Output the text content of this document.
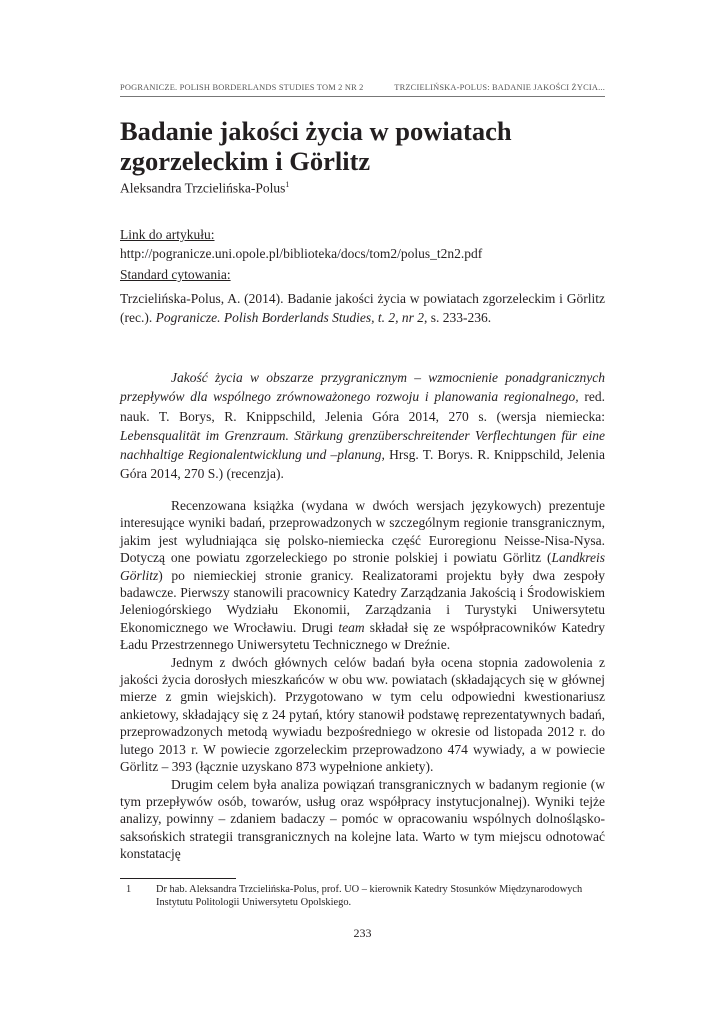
POGRANICZE. POLISH BORDERLANDS STUDIES TOM 2 NR 2	TRZCIELIŃSKA-POLUS: BADANIE JAKOŚCI ŻYCIA...
Badanie jakości życia w powiatach zgorzeleckim i Görlitz
Aleksandra Trzcielińska-Polus$^1$
Link do artykułu:
http://pogranicze.uni.opole.pl/biblioteka/docs/tom2/polus_t2n2.pdf
Standard cytowania:
Trzcielińska-Polus, A. (2014). Badanie jakości życia w powiatach zgorzeleckim i Görlitz (rec.). Pogranicze. Polish Borderlands Studies, t. 2, nr 2, s. 233-236.

Jakość życia w obszarze przygranicznym – wzmocnienie ponadgranicznych przepływów dla wspólnego zrównoważonego rozwoju i planowania regionalnego, red. nauk. T. Borys, R. Knippschild, Jelenia Góra 2014, 270 s. (wersja niemiecka: Lebensqualität im Grenzraum. Stärkung grenzüberschreitender Verflechtungen für eine nachhaltige Regionalentwicklung und –planung, Hrsg. T. Borys. R. Knippschild, Jelenia Góra 2014, 270 S.) (recenzja).

Recenzowana książka (wydana w dwóch wersjach językowych) prezentuje interesujące wyniki badań, przeprowadzonych w szczególnym regionie transgranicznym, jakim jest wyludniająca się polsko-niemiecka część Euroregionu Neisse-Nisa-Nysa. Dotyczą one powiatu zgorzeleckiego po stronie polskiej i powiatu Görlitz (Landkreis Görlitz) po niemieckiej stronie granicy. Realizatorami projektu były dwa zespoły badawcze. Pierwszy stanowili pracownicy Katedry Zarządzania Jakością i Środowiskiem Jeleniogórskiego Wydziału Ekonomii, Zarządzania i Turystyki Uniwersytetu Ekonomicznego we Wrocławiu. Drugi team składał się ze współpracowników Katedry Ładu Przestrzennego Uniwersytetu Technicznego w Dreźnie.

Jednym z dwóch głównych celów badań była ocena stopnia zadowolenia z jakości życia dorosłych mieszkańców w obu ww. powiatach (składających się w głównej mierze z gmin wiejskich). Przygotowano w tym celu odpowiedni kwestionariusz ankietowy, składający się z 24 pytań, który stanowił podstawę reprezentatywnych badań, przeprowadzonych metodą wywiadu bezpośredniego w okresie od listopada 2012 r. do lutego 2013 r. W powiecie zgorzeleckim przeprowadzono 474 wywiady, a w powiecie Görlitz – 393 (łącznie uzyskano 873 wypełnione ankiety).

Drugim celem była analiza powiązań transgranicznych w badanym regionie (w tym przepływów osób, towarów, usług oraz współpracy instytucjonalnej). Wyniki tejże analizy, powinny – zdaniem badaczy – pomóc w opracowaniu wspólnych dolnośląsko-saksońskich strategii transgranicznych na kolejne lata. Warto w tym miejscu odnotować konstatację

1	Dr hab. Aleksandra Trzcielińska-Polus, prof. UO – kierownik Katedry Stosunków Międzynarodowych Instytutu Politologii Uniwersytetu Opolskiego.
233
